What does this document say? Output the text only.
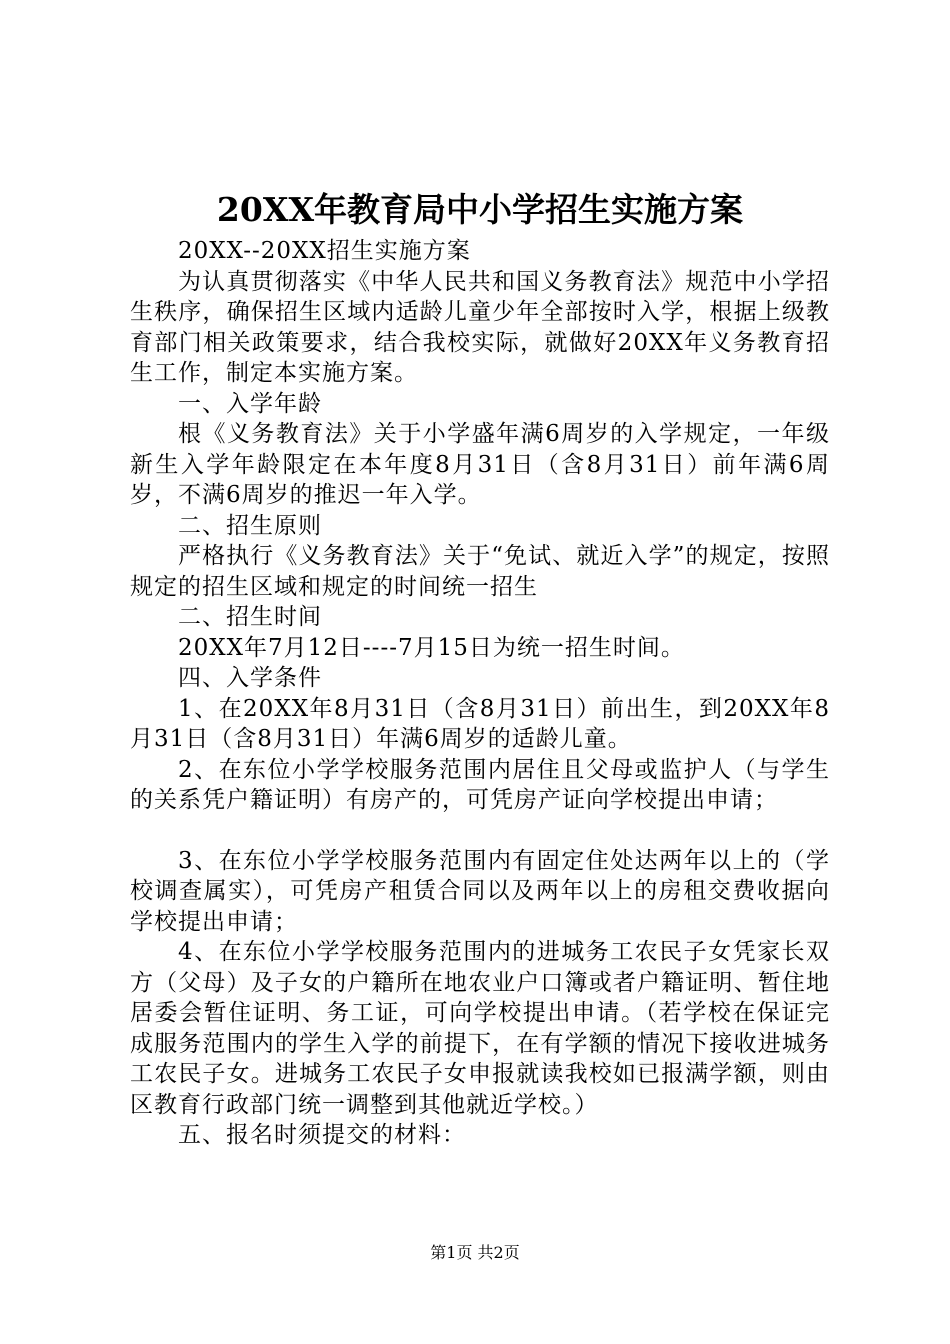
20XX年教育局中小学招生实施方案

20XX--20XX招生实施方案

为认真贯彻落实《中华人民共和国义务教育法》规范中小学招生秩序，确保招生区域内适龄儿童少年全部按时入学，根据上级教育部门相关政策要求，结合我校实际，就做好20XX年义务教育招生工作，制定本实施方案。

一、入学年龄

根《义务教育法》关于小学盛年满6周岁的入学规定，一年级新生入学年龄限定在本年度8月31日（含8月31日）前年满6周岁，不满6周岁的推迟一年入学。

二、招生原则

严格执行《义务教育法》关于“免试、就近入学”的规定，按照规定的招生区域和规定的时间统一招生

二、招生时间

20XX年7月12日----7月15日为统一招生时间。

四、入学条件

1、在20XX年8月31日（含8月31日）前出生，到20XX年8月31日（含8月31日）年满6周岁的适龄儿童。

2、在东位小学学校服务范围内居住且父母或监护人（与学生的关系凭户籍证明）有房产的，可凭房产证向学校提出申请；

3、在东位小学学校服务范围内有固定住处达两年以上的（学校调查属实），可凭房产租赁合同以及两年以上的房租交费收据向学校提出申请；

4、在东位小学学校服务范围内的进城务工农民子女凭家长双方（父母）及子女的户籍所在地农业户口簿或者户籍证明、暂住地居委会暂住证明、务工证，可向学校提出申请。（若学校在保证完成服务范围内的学生入学的前提下，在有学额的情况下接收进城务工农民子女。进城务工农民子女申报就读我校如已报满学额，则由区教育行政部门统一调整到其他就近学校。）

五、报名时须提交的材料：

第1页 共2页
